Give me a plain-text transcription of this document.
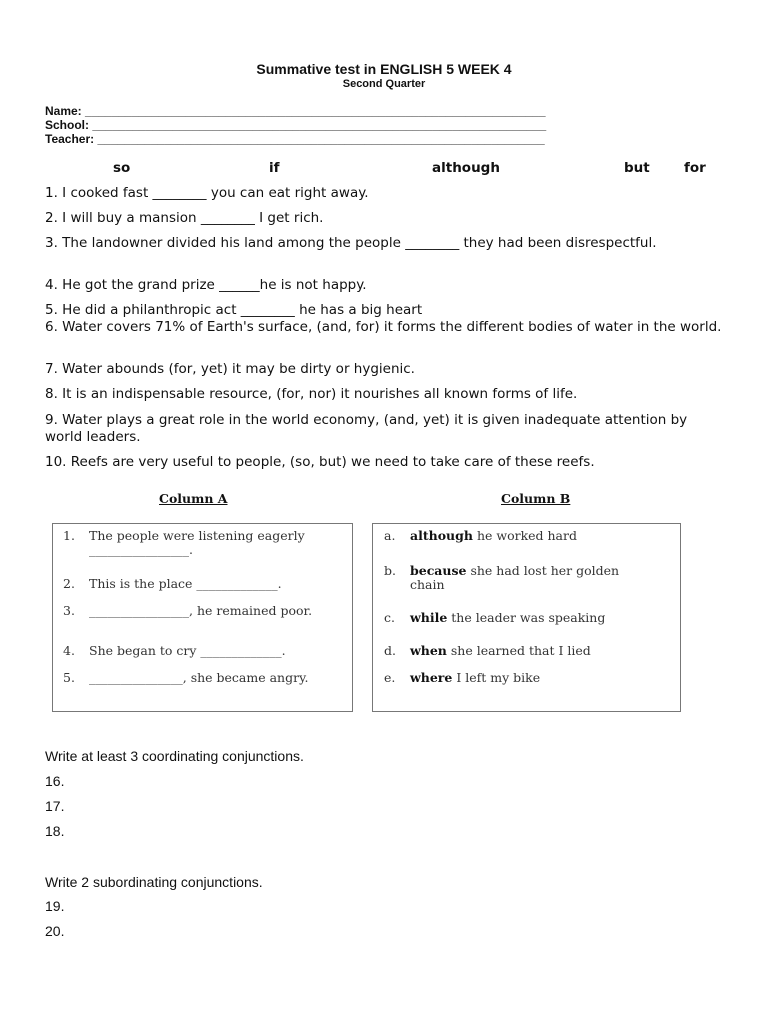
Summative test in ENGLISH 5 WEEK 4
Second Quarter
Name: _____________________________________________________________________
School: ____________________________________________________________________
Teacher: ___________________________________________________________________
so	if	although	but	for
1. I cooked fast ________ you can eat right away.
2. I will buy a mansion ________ I get rich.
3. The landowner divided his land among the people ________ they had been disrespectful.
4. He got the grand prize ______he is not happy.
5. He did a philanthropic act ________ he has a big heart
6. Water covers 71% of Earth's surface, (and, for) it forms the different bodies of water in the world.
7. Water abounds (for, yet) it may be dirty or hygienic.
8. It is an indispensable resource, (for, nor) it nourishes all known forms of life.
9. Water plays a great role in the world economy, (and, yet) it is given inadequate attention by world leaders.
10. Reefs are very useful to people, (so, but) we need to take care of these reefs.
Column A	Column B
1. The people were listening eagerly ________________.
2. This is the place _____________.
3. ________________, he remained poor.
4. She began to cry _____________.
5. _______________, she became angry.
a. although he worked hard
b. because she had lost her golden chain
c. while the leader was speaking
d. when she learned that I lied
e. where I left my bike
Write at least 3 coordinating conjunctions.
16.
17.
18.
Write 2 subordinating conjunctions.
19.
20.
